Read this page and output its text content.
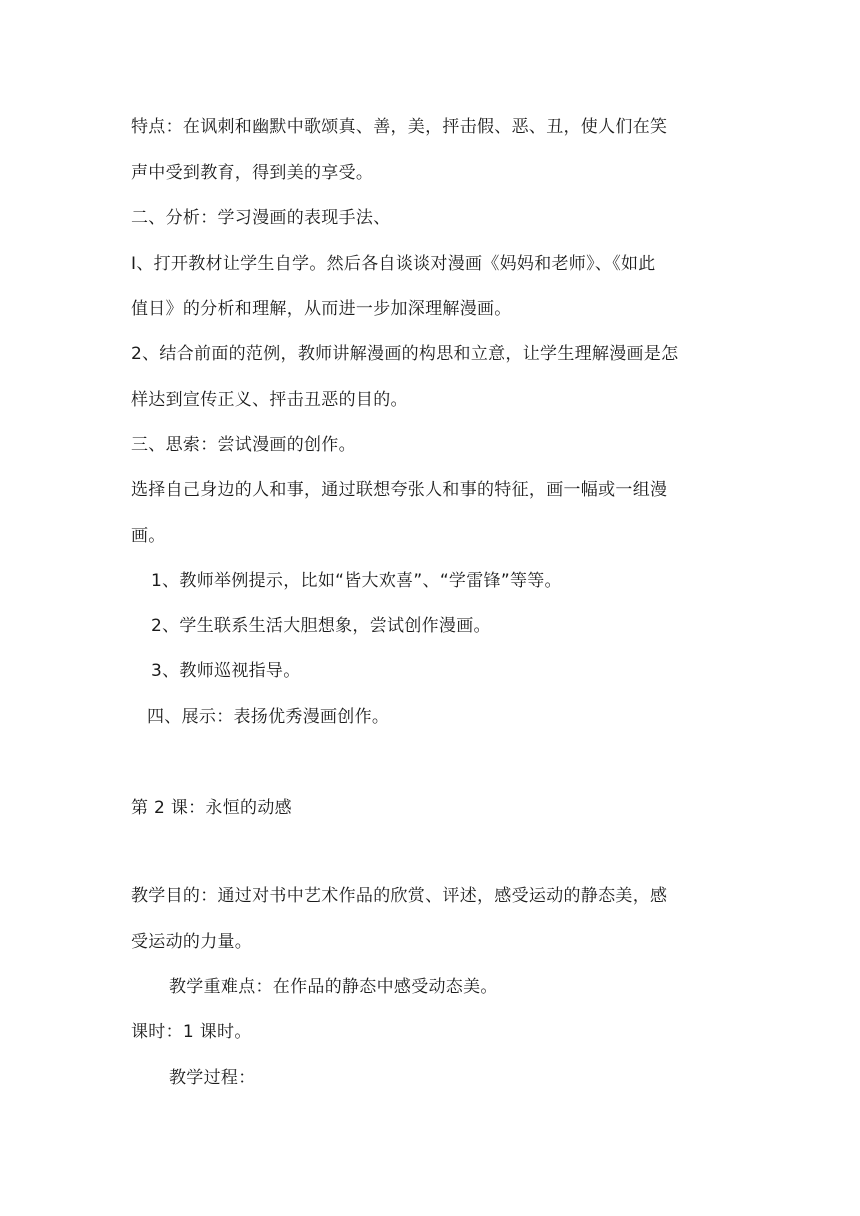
特点：在讽刺和幽默中歌颂真、善，美，抨击假、恶、丑，使人们在笑
声中受到教育，得到美的享受。
二、分析：学习漫画的表现手法、
I、打开教材让学生自学。然后各自谈谈对漫画《妈妈和老师》、《如此
值日》的分析和理解，从而进一步加深理解漫画。
2、结合前面的范例，教师讲解漫画的构思和立意，让学生理解漫画是怎
样达到宣传正义、抨击丑恶的目的。
三、思索：尝试漫画的创作。
选择自己身边的人和事，通过联想夸张人和事的特征，画一幅或一组漫
画。
1、教师举例提示，比如“皆大欢喜”、“学雷锋”等等。
2、学生联系生活大胆想象，尝试创作漫画。
3、教师巡视指导。
四、展示：表扬优秀漫画创作。
第 2 课：永恒的动感
教学目的：通过对书中艺术作品的欣赏、评述，感受运动的静态美，感
受运动的力量。
教学重难点：在作品的静态中感受动态美。
课时：1 课时。
教学过程：
